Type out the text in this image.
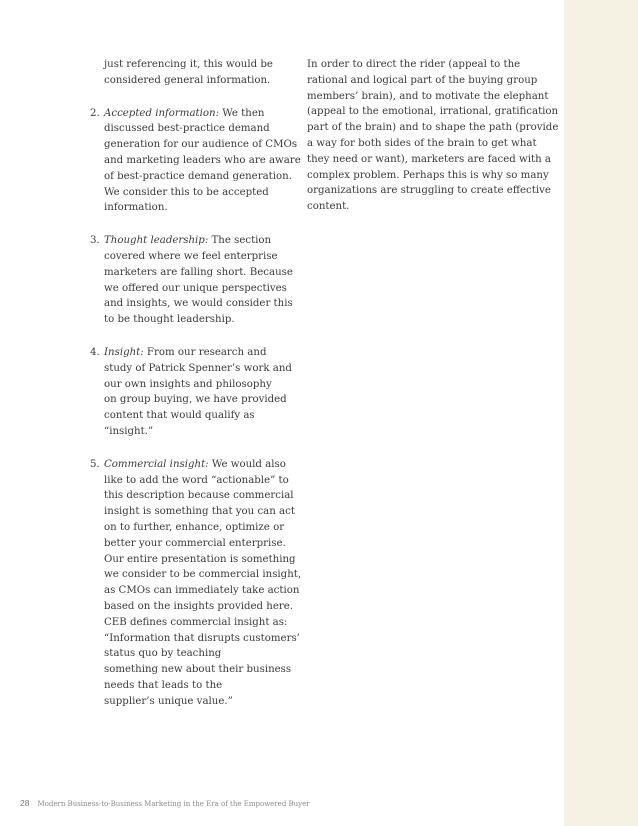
just referencing it, this would be
considered general information.
2. Accepted information: We then
discussed best-practice demand
generation for our audience of CMOs
and marketing leaders who are aware
of best-practice demand generation.
We consider this to be accepted
information.
3. Thought leadership: The section
covered where we feel enterprise
marketers are falling short. Because
we offered our unique perspectives
and insights, we would consider this
to be thought leadership.
4. Insight: From our research and
study of Patrick Spenner’s work and
our own insights and philosophy
on group buying, we have provided
content that would qualify as
“insight.”
5. Commercial insight: We would also
like to add the word “actionable” to
this description because commercial
insight is something that you can act
on to further, enhance, optimize or
better your commercial enterprise.
Our entire presentation is something
we consider to be commercial insight,
as CMOs can immediately take action
based on the insights provided here.
CEB defines commercial insight as:
“Information that disrupts customers’
status quo by teaching
something new about their business
needs that leads to the
supplier’s unique value.”
In order to direct the rider (appeal to the
rational and logical part of the buying group
members’ brain), and to motivate the elephant
(appeal to the emotional, irrational, gratification
part of the brain) and to shape the path (provide
a way for both sides of the brain to get what
they need or want), marketers are faced with a
complex problem. Perhaps this is why so many
organizations are struggling to create effective
content.
28 Modern Business-to-Business Marketing in the Era of the Empowered Buyer
